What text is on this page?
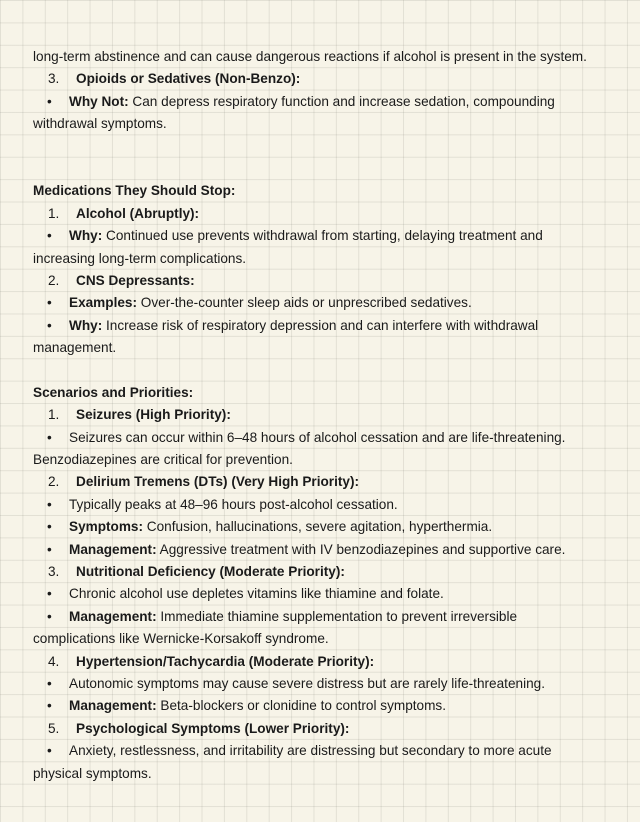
long-term abstinence and can cause dangerous reactions if alcohol is present in the system.
3. Opioids or Sedatives (Non-Benzo):
• Why Not: Can depress respiratory function and increase sedation, compounding
withdrawal symptoms.
Medications They Should Stop:
1. Alcohol (Abruptly):
• Why: Continued use prevents withdrawal from starting, delaying treatment and
increasing long-term complications.
2. CNS Depressants:
• Examples: Over-the-counter sleep aids or unprescribed sedatives.
• Why: Increase risk of respiratory depression and can interfere with withdrawal
management.
Scenarios and Priorities:
1. Seizures (High Priority):
• Seizures can occur within 6–48 hours of alcohol cessation and are life-threatening.
Benzodiazepines are critical for prevention.
2. Delirium Tremens (DTs) (Very High Priority):
• Typically peaks at 48–96 hours post-alcohol cessation.
• Symptoms: Confusion, hallucinations, severe agitation, hyperthermia.
• Management: Aggressive treatment with IV benzodiazepines and supportive care.
3. Nutritional Deficiency (Moderate Priority):
• Chronic alcohol use depletes vitamins like thiamine and folate.
• Management: Immediate thiamine supplementation to prevent irreversible
complications like Wernicke-Korsakoff syndrome.
4. Hypertension/Tachycardia (Moderate Priority):
• Autonomic symptoms may cause severe distress but are rarely life-threatening.
• Management: Beta-blockers or clonidine to control symptoms.
5. Psychological Symptoms (Lower Priority):
• Anxiety, restlessness, and irritability are distressing but secondary to more acute
physical symptoms.
